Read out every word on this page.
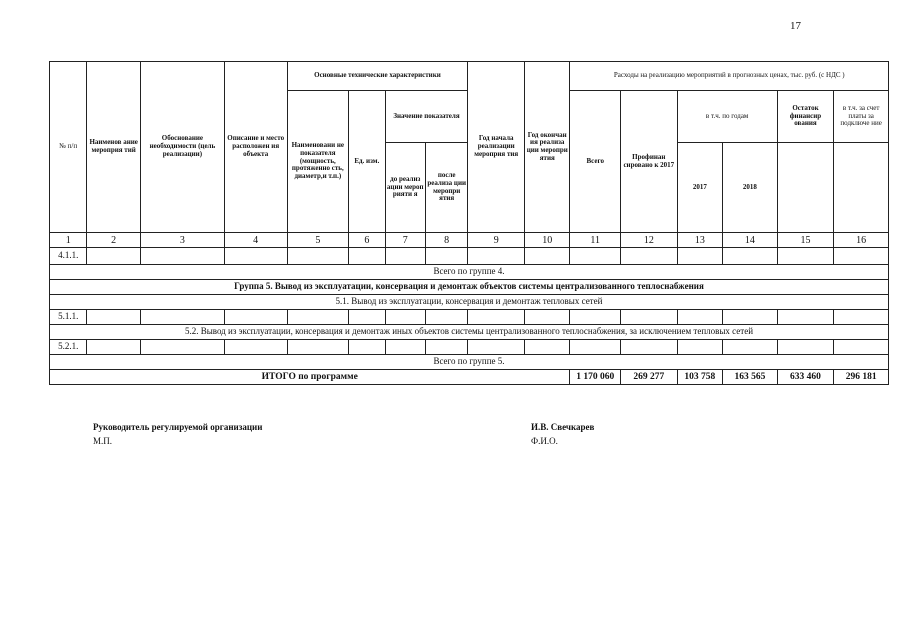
17
№ п/п	Наименов ание мероприя тий	Обоснование необходимости (цель реализации)	Описание и место расположен ия объекта	Основные технические характеристики				Год начала реализации мероприя тия	Год окончан ия реализа ции меропри ятия	Расходы на реализацию мероприятий в прогнозных ценах, тыс. руб. (с НДС )					
				Наименовани не показателя (мощность, протяженно сть, диаметр,и т.п.)	Ед. изм.	Значение показателя				Всего	Профинан сировано к 2017	в т.ч. по годам		Остаток финансир ования	в т.ч. за счет платы за подключе ние

						до реализ ации мероп рияти я	после реализа ции меропри ятия					2017	2018		
1	2	3	4	5	6	7	8	9	10	11	12	13	14	15	16
4.1.1.															
Всего по группе 4.															
Группа 5. Вывод из эксплуатации, консервация и демонтаж объектов системы централизованного теплоснабжения															
5.1. Вывод из эксплуатации, консервация и демонтаж тепловых сетей															
5.1.1.															
5.2. Вывод из эксплуатации, консервация и демонтаж иных объектов системы централизованного теплоснабжения, за исключением тепловых сетей															
5.2.1.															
Всего по группе 5.															
ИТОГО по программе										1 170 060	269 277	103 758	163 565	633 460	296 181
Руководитель регулируемой организации
М.П.
И.В. Свечкарев
Ф.И.О.
